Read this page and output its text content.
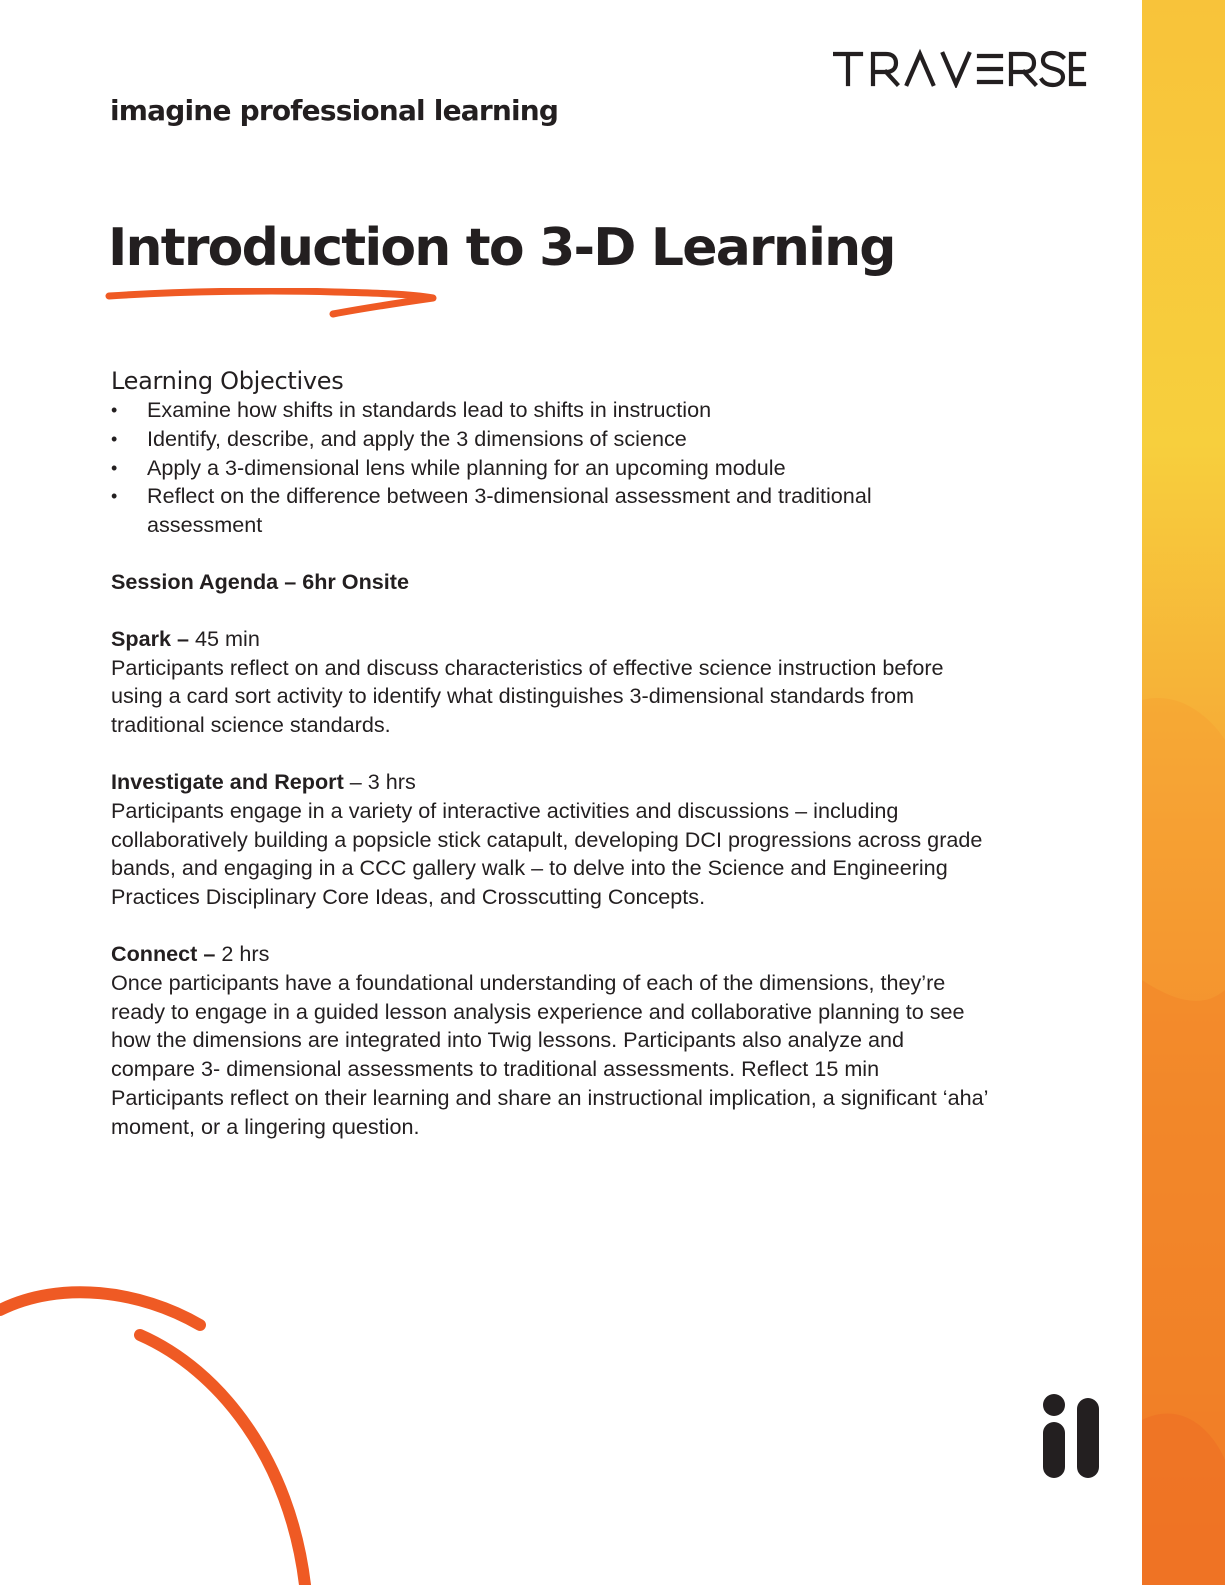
imagine professional learning
Introduction to 3-D Learning
Learning Objectives
• Examine how shifts in standards lead to shifts in instruction
• Identify, describe, and apply the 3 dimensions of science
• Apply a 3-dimensional lens while planning for an upcoming module
• Reflect on the difference between 3-dimensional assessment and traditional assessment
Session Agenda – 6hr Onsite

Spark – 45 min

Participants reflect on and discuss characteristics of effective science instruction before using a card sort activity to identify what distinguishes 3-dimensional standards from traditional science standards.

Investigate and Report – 3 hrs

Participants engage in a variety of interactive activities and discussions – including collaboratively building a popsicle stick catapult, developing DCI progressions across grade bands, and engaging in a CCC gallery walk – to delve into the Science and Engineering Practices Disciplinary Core Ideas, and Crosscutting Concepts.

Connect – 2 hrs

Once participants have a foundational understanding of each of the dimensions, they’re ready to engage in a guided lesson analysis experience and collaborative planning to see how the dimensions are integrated into Twig lessons. Participants also analyze and compare 3- dimensional assessments to traditional assessments. Reflect 15 min Participants reflect on their learning and share an instructional implication, a significant ‘aha’ moment, or a lingering question.
